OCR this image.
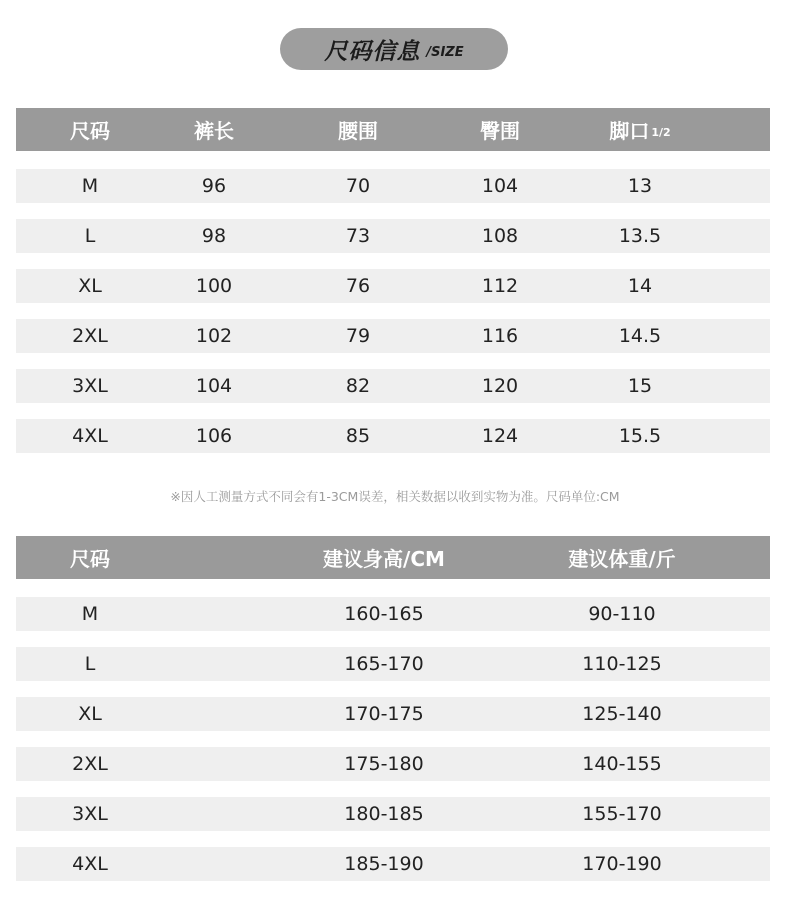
尺码信息 /SIZE
尺码	裤长	腰围	臀围	脚口 1/2
M	96	70	104	13
L	98	73	108	13.5
XL	100	76	112	14
2XL	102	79	116	14.5
3XL	104	82	120	15
4XL	106	85	124	15.5
※因人工测量方式不同会有1-3CM误差，相关数据以收到实物为准。尺码单位:CM
尺码	建议身高/CM	建议体重/斤
M	160-165	90-110
L	165-170	110-125
XL	170-175	125-140
2XL	175-180	140-155
3XL	180-185	155-170
4XL	185-190	170-190
